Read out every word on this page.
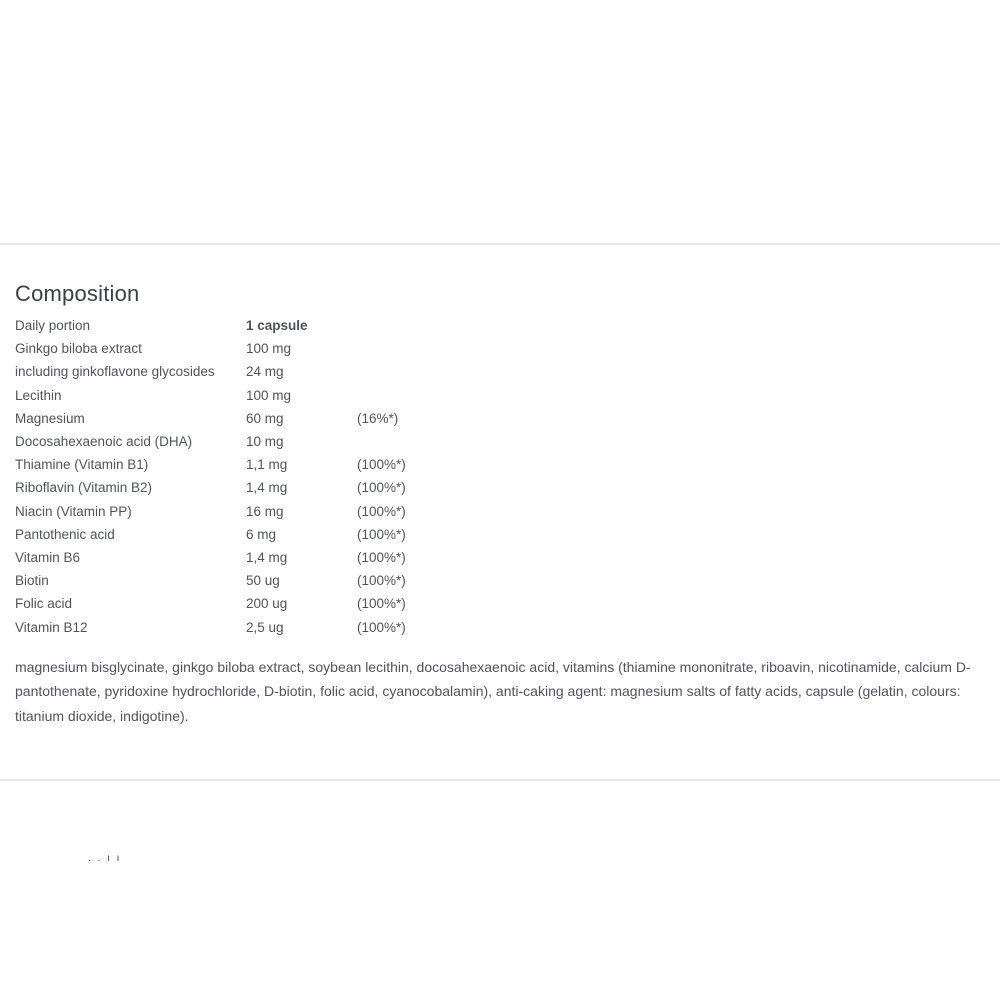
Composition
Daily portion	1 capsule	
Ginkgo biloba extract	100 mg	
including ginkoflavone glycosides	24 mg	
Lecithin	100 mg	
Magnesium	60 mg	(16%*)
Docosahexaenoic acid (DHA)	10 mg	
Thiamine (Vitamin B1)	1,1 mg	(100%*)
Riboflavin (Vitamin B2)	1,4 mg	(100%*)
Niacin (Vitamin PP)	16 mg	(100%*)
Pantothenic acid	6 mg	(100%*)
Vitamin B6	1,4 mg	(100%*)
Biotin	50 ug	(100%*)
Folic acid	200 ug	(100%*)
Vitamin B12	2,5 ug	(100%*)

magnesium bisglycinate, ginkgo biloba extract, soybean lecithin, docosahexaenoic acid, vitamins (thiamine mononitrate, riboavin, nicotinamide, calcium D-pantothenate, pyridoxine hydrochloride, D-biotin, folic acid, cyanocobalamin), anti-caking agent: magnesium salts of fatty acids, capsule (gelatin, colours: titanium dioxide, indigotine).

. . ı ı
